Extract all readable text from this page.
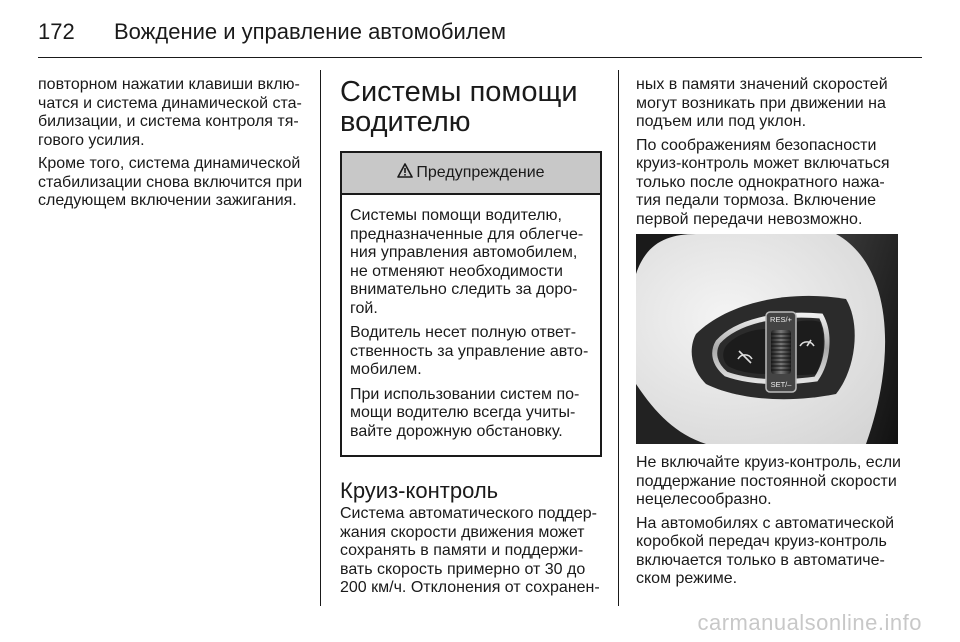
172	Вождение и управление автомобилем

повторном нажатии клавиши вклю-чатся и система динамической ста-билизации, и система контроля тя-гового усилия.

Кроме того, система динамической стабилизации снова включится при следующем включении зажигания.

Системы помощи водителю
Предупреждение

Системы помощи водителю, предназначенные для облегче-ния управления автомобилем, не отменяют необходимости внимательно следить за доро-гой.

Водитель несет полную ответ-ственность за управление авто-мобилем.

При использовании систем по-мощи водителю всегда учиты-вайте дорожную обстановку.

Круиз-контроль

Система автоматического поддер-жания скорости движения может сохранять в памяти и поддержи-вать скорость примерно от 30 до 200 км/ч. Отклонения от сохранен-

ных в памяти значений скоростей могут возникать при движении на подъем или под уклон.

По соображениям безопасности круиз-контроль может включаться только после однократного нажа-тия педали тормоза. Включение первой передачи невозможно.

RES/+
SET/–

Не включайте круиз-контроль, если поддержание постоянной скорости нецелесообразно.

На автомобилях с автоматической коробкой передач круиз-контроль включается только в автоматиче-ском режиме.

carmanualsonline.info
